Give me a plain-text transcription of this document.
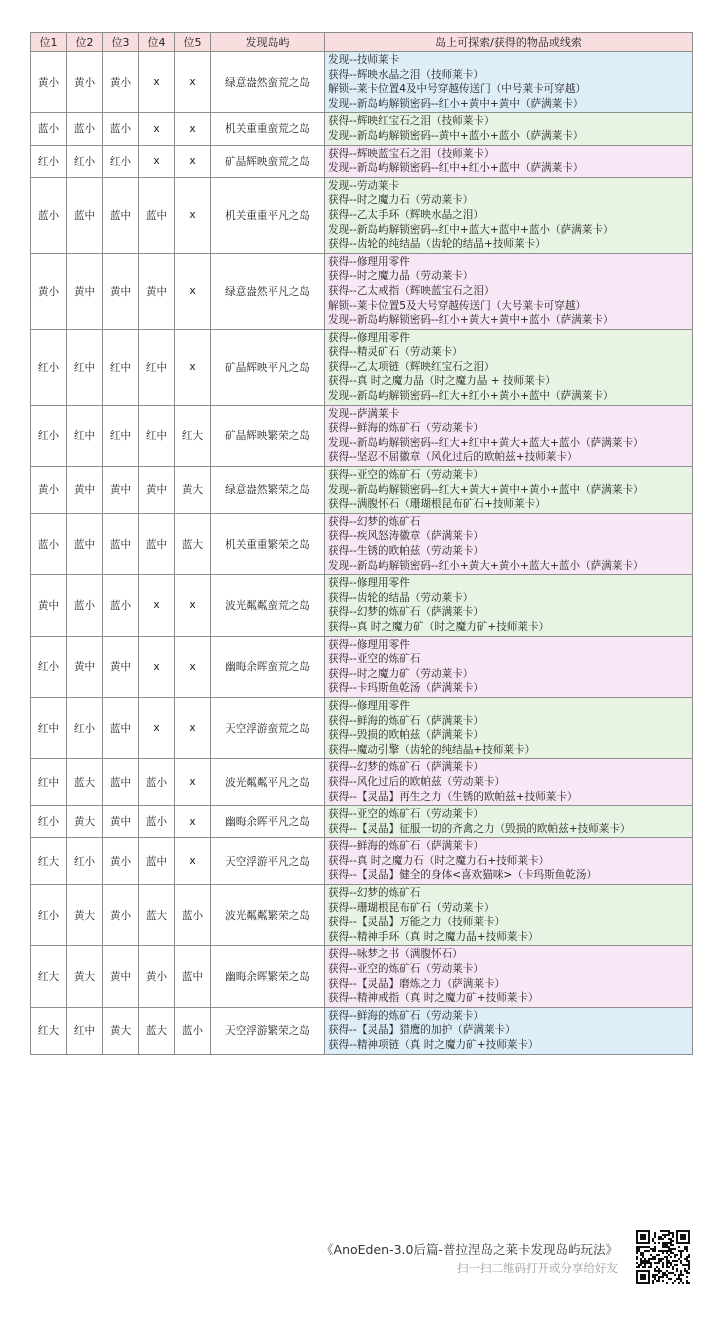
位1	位2	位3	位4	位5	发现岛屿	岛上可探索/获得的物品或线索
黄小	黄小	黄小	x	x	绿意盎然蛮荒之岛	发现--技师莱卡
获得--辉映水晶之泪（技师莱卡）
解锁--莱卡位置4及中号穿越传送门（中号莱卡可穿越）
发现--新岛屿解锁密码--红小+黄中+黄中（萨满莱卡）

蓝小	蓝小	蓝小	x	x	机关重重蛮荒之岛	获得--辉映红宝石之泪（技师莱卡）
发现--新岛屿解锁密码--黄中+蓝小+蓝小（萨满莱卡）

红小	红小	红小	x	x	矿晶辉映蛮荒之岛	获得--辉映蓝宝石之泪（技师莱卡）
发现--新岛屿解锁密码--红中+红小+蓝中（萨满莱卡）

蓝小	蓝中	蓝中	蓝中	x	机关重重平凡之岛	发现--劳动莱卡
获得--时之魔力石（劳动莱卡）
获得--乙太手环（辉映水晶之泪）
发现--新岛屿解锁密码--红中+蓝大+蓝中+蓝小（萨满莱卡）
获得--齿轮的纯结晶（齿轮的结晶+技师莱卡）

黄小	黄中	黄中	黄中	x	绿意盎然平凡之岛	获得--修理用零件
获得--时之魔力晶（劳动莱卡）
获得--乙太戒指（辉映蓝宝石之泪）
解锁--莱卡位置5及大号穿越传送门（大号莱卡可穿越）
发现--新岛屿解锁密码--红小+黄大+黄中+蓝小（萨满莱卡）

红小	红中	红中	红中	x	矿晶辉映平凡之岛	获得--修理用零件
获得--精灵矿石（劳动莱卡）
获得--乙太项链（辉映红宝石之泪）
获得--真 时之魔力晶（时之魔力晶 + 技师莱卡）
发现--新岛屿解锁密码--红大+红小+黄小+蓝中（萨满莱卡）

红小	红中	红中	红中	红大	矿晶辉映繁荣之岛	发现--萨满莱卡
获得--鲜海的炼矿石（劳动莱卡）
发现--新岛屿解锁密码--红大+红中+黄大+蓝大+蓝小（萨满莱卡）
获得--坚忍不屈徽章（风化过后的欧帕兹+技师莱卡）

黄小	黄中	黄中	黄中	黄大	绿意盎然繁荣之岛	获得--亚空的炼矿石（劳动莱卡）
发现--新岛屿解锁密码--红大+黄大+黄中+黄小+蓝中（萨满莱卡）
获得--满腹怀石（珊瑚根昆布矿石+技师莱卡）

蓝小	蓝中	蓝中	蓝中	蓝大	机关重重繁荣之岛	获得--幻梦的炼矿石
获得--疾风怒涛徽章（萨满莱卡）
获得--生锈的欧帕兹（劳动莱卡）
发现--新岛屿解锁密码--红小+黄大+黄小+蓝大+蓝小（萨满莱卡）

黄中	蓝小	蓝小	x	x	波光粼粼蛮荒之岛	获得--修理用零件
获得--齿轮的结晶（劳动莱卡）
获得--幻梦的炼矿石（萨满莱卡）
获得--真 时之魔力矿（时之魔力矿+技师莱卡）

红小	黄中	黄中	x	x	幽晦余晖蛮荒之岛	获得--修理用零件
获得--亚空的炼矿石
获得--时之魔力矿（劳动莱卡）
获得--卡玛斯鱼乾汤（萨满莱卡）

红中	红小	蓝中	x	x	天空浮游蛮荒之岛	获得--修理用零件
获得--鲜海的炼矿石（萨满莱卡）
获得--毁损的欧帕兹（萨满莱卡）
获得--魔动引擎（齿轮的纯结晶+技师莱卡）

红中	蓝大	蓝中	蓝小	x	波光粼粼平凡之岛	获得--幻梦的炼矿石（萨满莱卡）
获得--风化过后的欧帕兹（劳动莱卡）
获得--【灵晶】再生之力（生锈的欧帕兹+技师莱卡）

红小	黄大	黄中	蓝小	x	幽晦余晖平凡之岛	获得--亚空的炼矿石（劳动莱卡）
获得--【灵晶】征服一切的齐禽之力（毁损的欧帕兹+技师莱卡）

红大	红小	黄小	蓝中	x	天空浮游平凡之岛	获得--鲜海的炼矿石（萨满莱卡）
获得--真 时之魔力石（时之魔力石+技师莱卡）
获得--【灵晶】健全的身体<喜欢猫咪>（卡玛斯鱼乾汤）

红小	黄大	黄小	蓝大	蓝小	波光粼粼繁荣之岛	获得--幻梦的炼矿石
获得--珊瑚根昆布矿石（劳动莱卡）
获得--【灵晶】万能之力（技师莱卡）
获得--精神手环（真 时之魔力晶+技师莱卡）

红大	黄大	黄中	黄小	蓝中	幽晦余晖繁荣之岛	获得--咏梦之书（满腹怀石）
获得--亚空的炼矿石（劳动莱卡）
获得--【灵晶】磨炼之力（萨满莱卡）
获得--精神戒指（真 时之魔力矿+技师莱卡）

红大	红中	黄大	蓝大	蓝小	天空浮游繁荣之岛	获得--鲜海的炼矿石（劳动莱卡）
获得--【灵晶】猎鹰的加护（萨满莱卡）
获得--精神项链（真 时之魔力矿+技师莱卡）
《AnoEden-3.0后篇-普拉涅岛之莱卡发现岛屿玩法》
扫一扫二维码打开或分享给好友
